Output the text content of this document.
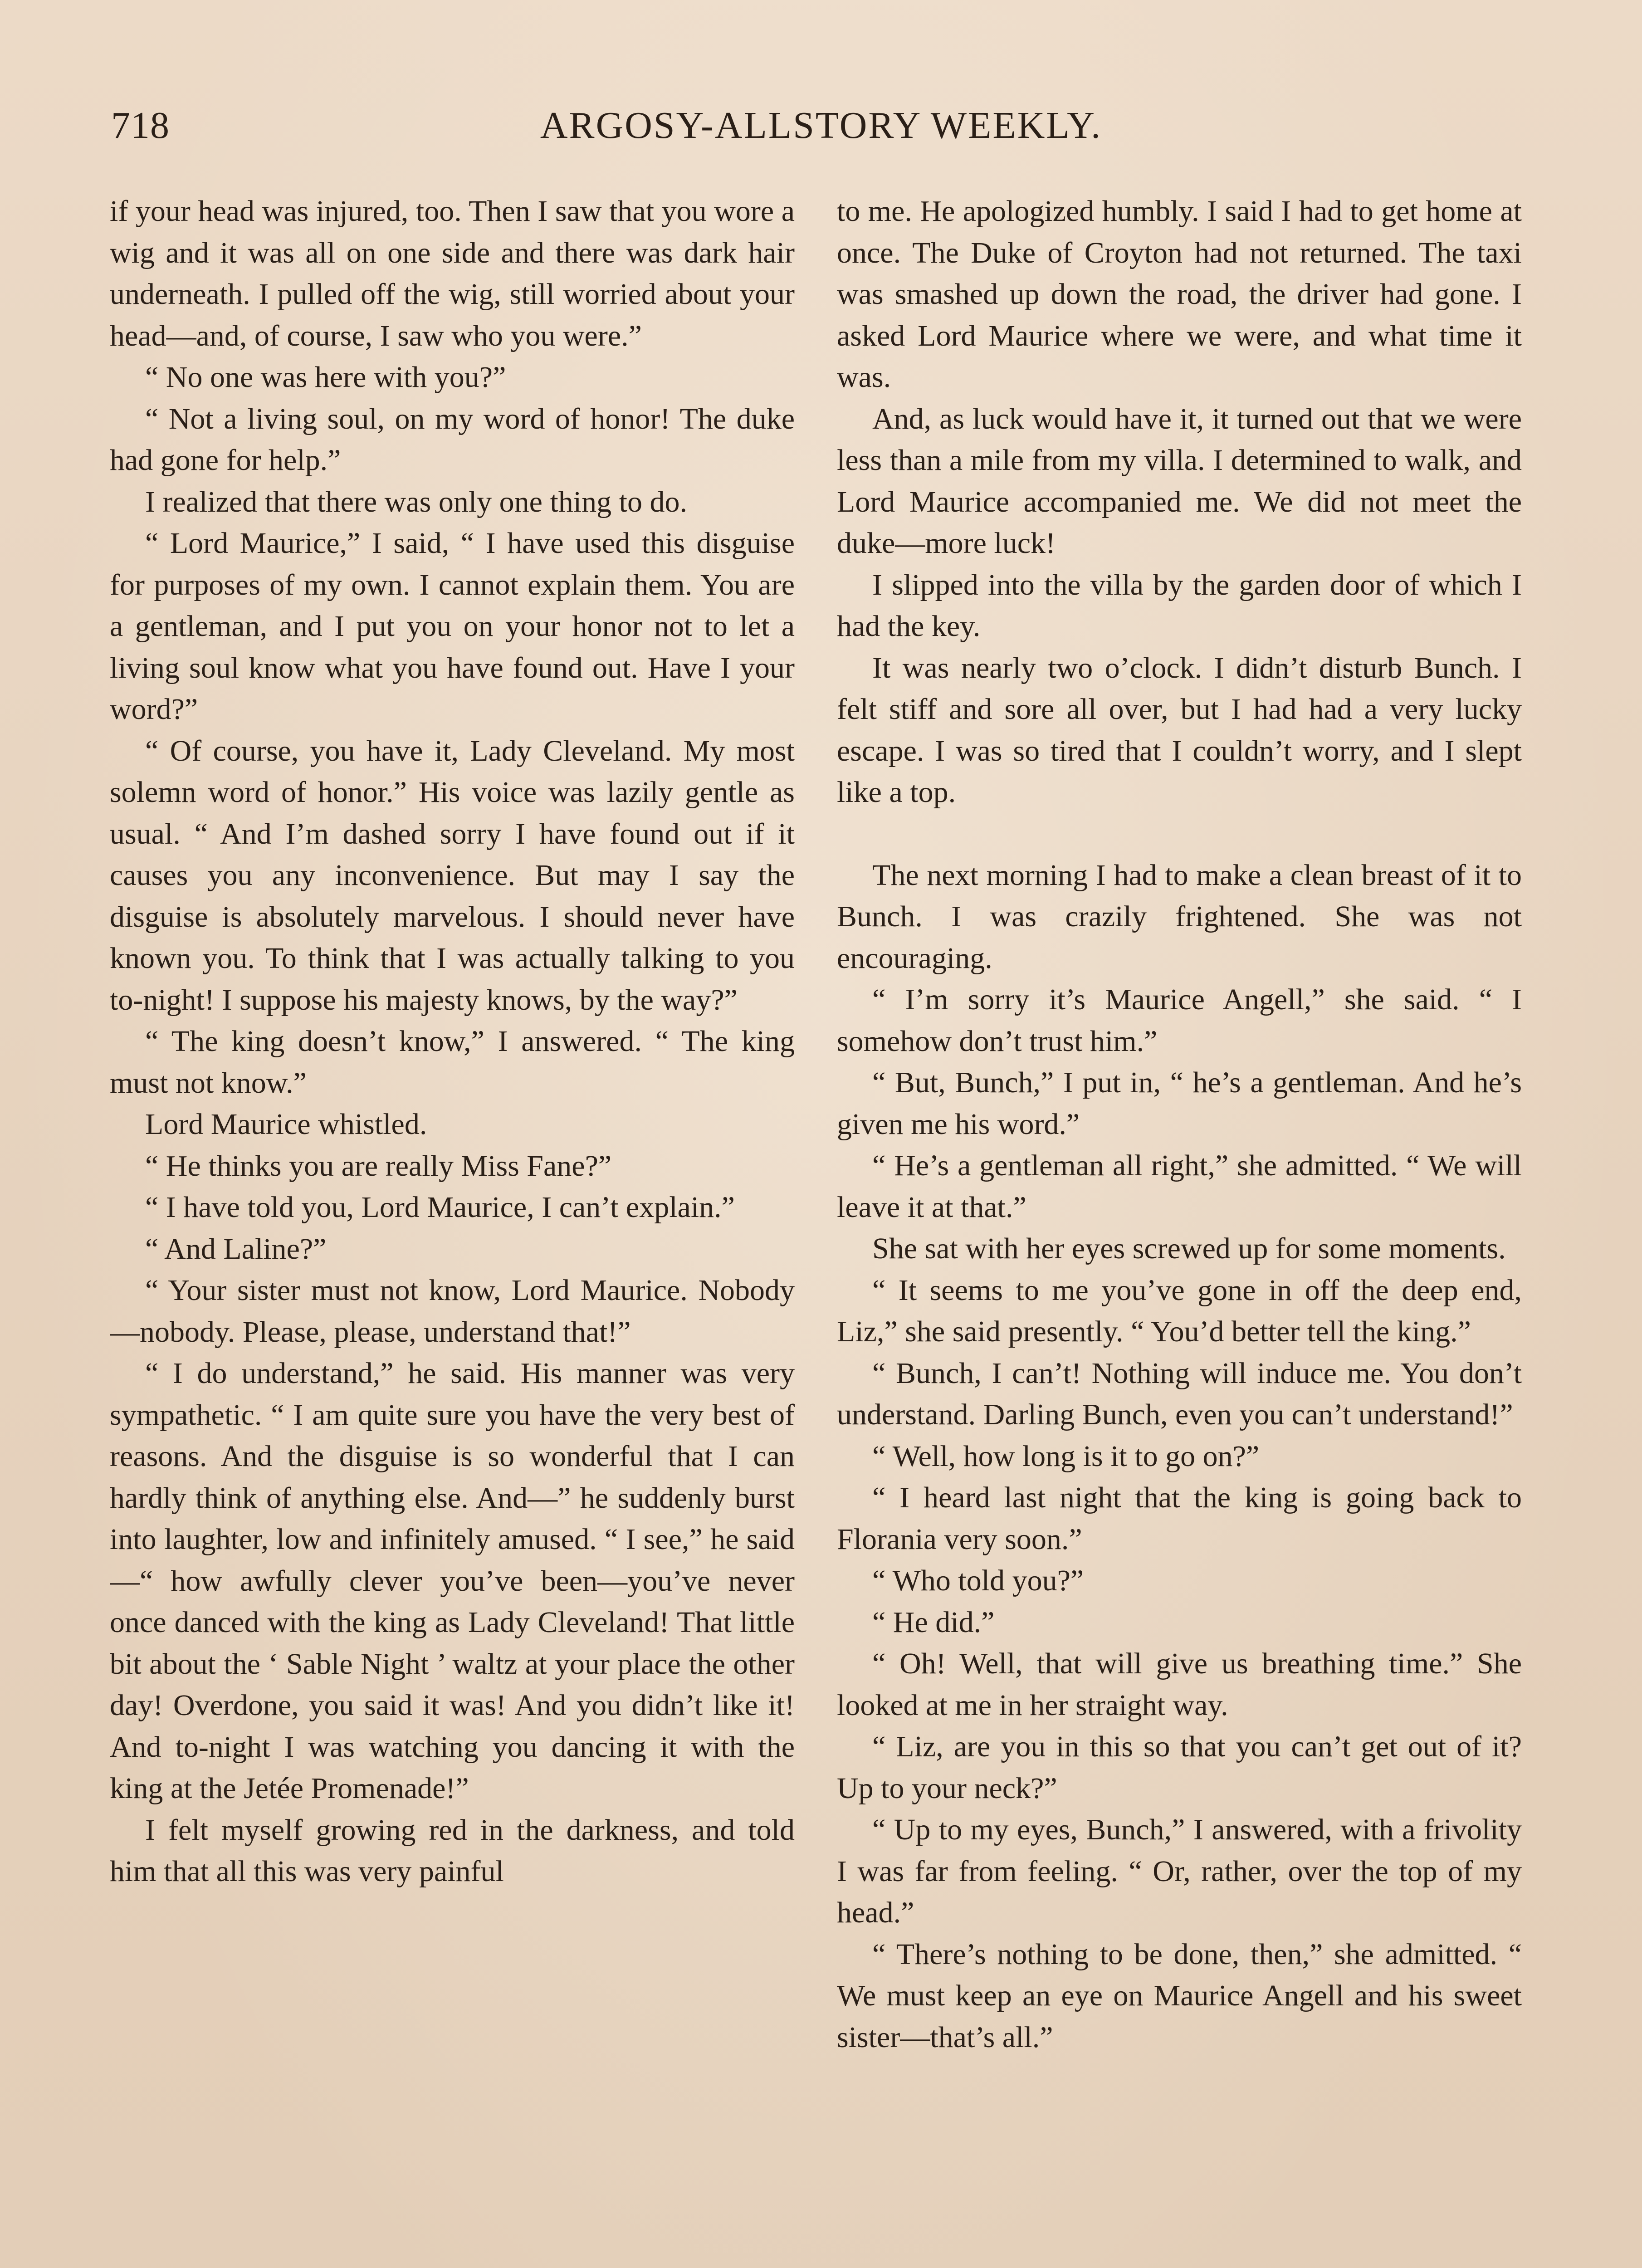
718	ARGOSY-ALLSTORY WEEKLY.

if your head was injured, too. Then I saw that you wore a wig and it was all on one side and there was dark hair underneath. I pulled off the wig, still worried about your head—and, of course, I saw who you were.”

“ No one was here with you?”

“ Not a living soul, on my word of honor! The duke had gone for help.”

I realized that there was only one thing to do.

“ Lord Maurice,” I said, “ I have used this disguise for purposes of my own. I cannot explain them. You are a gentleman, and I put you on your honor not to let a living soul know what you have found out. Have I your word?”

“ Of course, you have it, Lady Cleveland. My most solemn word of honor.” His voice was lazily gentle as usual. “ And I’m dashed sorry I have found out if it causes you any inconvenience. But may I say the disguise is absolutely marvelous. I should never have known you. To think that I was actually talking to you to-night! I suppose his majesty knows, by the way?”

“ The king doesn’t know,” I answered. “ The king must not know.”

Lord Maurice whistled.

“ He thinks you are really Miss Fane?”

“ I have told you, Lord Maurice, I can’t explain.”

“ And Laline?”

“ Your sister must not know, Lord Maurice. Nobody—nobody. Please, please, understand that!”

“ I do understand,” he said. His manner was very sympathetic. “ I am quite sure you have the very best of reasons. And the disguise is so wonderful that I can hardly think of anything else. And—” he suddenly burst into laughter, low and infinitely amused. “ I see,” he said—“ how awfully clever you’ve been—you’ve never once danced with the king as Lady Cleveland! That little bit about the ‘ Sable Night ’ waltz at your place the other day! Overdone, you said it was! And you didn’t like it! And to-night I was watching you dancing it with the king at the Jetée Promenade!”

I felt myself growing red in the darkness, and told him that all this was very painful

to me. He apologized humbly. I said I had to get home at once. The Duke of Croyton had not returned. The taxi was smashed up down the road, the driver had gone. I asked Lord Maurice where we were, and what time it was.

And, as luck would have it, it turned out that we were less than a mile from my villa. I determined to walk, and Lord Maurice accompanied me. We did not meet the duke—more luck!

I slipped into the villa by the garden door of which I had the key.

It was nearly two o’clock. I didn’t disturb Bunch. I felt stiff and sore all over, but I had had a very lucky escape. I was so tired that I couldn’t worry, and I slept like a top.

The next morning I had to make a clean breast of it to Bunch. I was crazily frightened. She was not encouraging.

“ I’m sorry it’s Maurice Angell,” she said. “ I somehow don’t trust him.”

“ But, Bunch,” I put in, “ he’s a gentleman. And he’s given me his word.”

“ He’s a gentleman all right,” she admitted. “ We will leave it at that.”

She sat with her eyes screwed up for some moments.

“ It seems to me you’ve gone in off the deep end, Liz,” she said presently. “ You’d better tell the king.”

“ Bunch, I can’t! Nothing will induce me. You don’t understand. Darling Bunch, even you can’t understand!”

“ Well, how long is it to go on?”

“ I heard last night that the king is going back to Florania very soon.”

“ Who told you?”

“ He did.”

“ Oh! Well, that will give us breathing time.” She looked at me in her straight way.

“ Liz, are you in this so that you can’t get out of it? Up to your neck?”

“ Up to my eyes, Bunch,” I answered, with a frivolity I was far from feeling. “ Or, rather, over the top of my head.”

“ There’s nothing to be done, then,” she admitted. “ We must keep an eye on Maurice Angell and his sweet sister—that’s all.”
